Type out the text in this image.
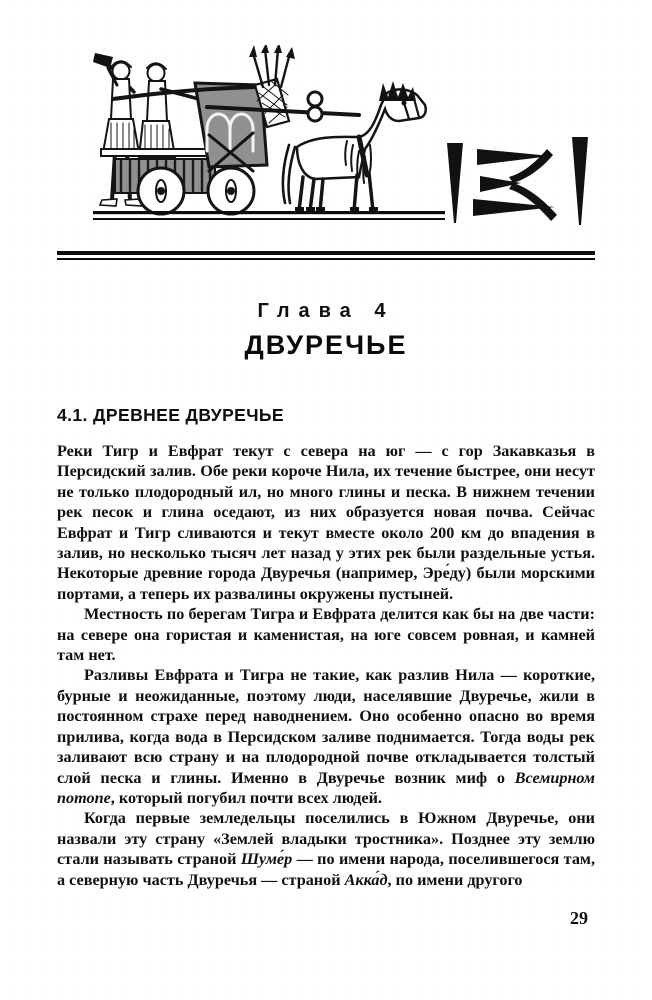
Глава 4
ДВУРЕЧЬЕ
4.1. ДРЕВНЕЕ ДВУРЕЧЬЕ

Реки Тигр и Евфрат текут с севера на юг — с гор Закавказья в Персидский залив. Обе реки короче Нила, их течение быстрее, они несут не только плодородный ил, но много глины и песка. В нижнем течении рек песок и глина оседают, из них образуется новая почва. Сейчас Евфрат и Тигр сливаются и текут вместе около 200 км до впадения в залив, но несколько тысяч лет назад у этих рек были раздельные устья. Некоторые древние города Двуречья (например, Эре́ду) были морскими портами, а теперь их развалины окружены пустыней.

Местность по берегам Тигра и Евфрата делится как бы на две части: на севере она гористая и каменистая, на юге совсем ровная, и камней там нет.

Разливы Евфрата и Тигра не такие, как разлив Нила — короткие, бурные и неожиданные, поэтому люди, населявшие Двуречье, жили в постоянном страхе перед наводнением. Оно особенно опасно во время прилива, когда вода в Персидском заливе поднимается. Тогда воды рек заливают всю страну и на плодородной почве откладывается толстый слой песка и глины. Именно в Двуречье возник миф о Всемирном потопе, который погубил почти всех людей.

Когда первые земледельцы поселились в Южном Двуречье, они назвали эту страну «Землей владыки тростника». Позднее эту землю стали называть страной Шуме́р — по имени народа, поселившегося там, а северную часть Двуречья — страной Акка́д, по имени другого

29
